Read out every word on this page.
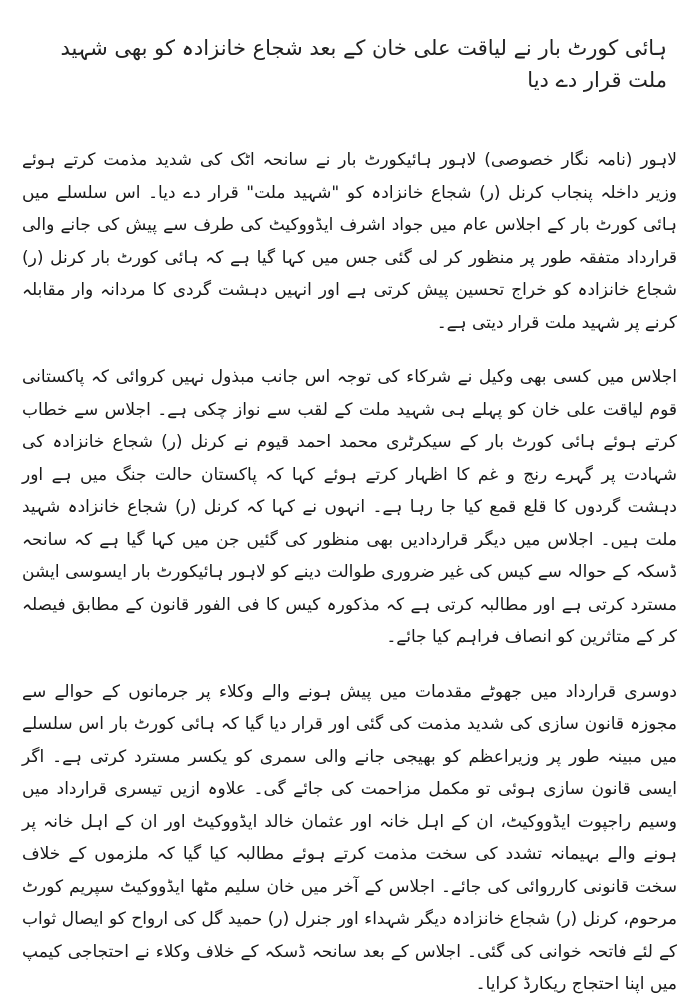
ہائی کورٹ بار نے لیاقت علی خان کے بعد شجاع خانزادہ کو بھی شہید ملت قرار دے دیا

لاہور (نامہ نگار خصوصی) لاہور ہائیکورٹ بار نے سانحہ اٹک کی شدید مذمت کرتے ہوئے وزیر داخلہ پنجاب کرنل (ر) شجاع خانزادہ کو "شہید ملت" قرار دے دیا۔ اس سلسلے میں ہائی کورٹ بار کے اجلاس عام میں جواد اشرف ایڈووکیٹ کی طرف سے پیش کی جانے والی قرارداد متفقہ طور پر منظور کر لی گئی جس میں کہا گیا ہے کہ ہائی کورٹ بار کرنل (ر) شجاع خانزادہ کو خراج تحسین پیش کرتی ہے اور انہیں دہشت گردی کا مردانہ وار مقابلہ کرنے پر شہید ملت قرار دیتی ہے۔

اجلاس میں کسی بھی وکیل نے شرکاء کی توجہ اس جانب مبذول نہیں کروائی کہ پاکستانی قوم لیاقت علی خان کو پہلے ہی شہید ملت کے لقب سے نواز چکی ہے۔ اجلاس سے خطاب کرتے ہوئے ہائی کورٹ بار کے سیکرٹری محمد احمد قیوم نے کرنل (ر) شجاع خانزادہ کی شہادت پر گہرے رنج و غم کا اظہار کرتے ہوئے کہا کہ پاکستان حالت جنگ میں ہے اور دہشت گردوں کا قلع قمع کیا جا رہا ہے۔ انہوں نے کہا کہ کرنل (ر) شجاع خانزادہ شہید ملت ہیں۔ اجلاس میں دیگر قراردادیں بھی منظور کی گئیں جن میں کہا گیا ہے کہ سانحہ ڈسکہ کے حوالہ سے کیس کی غیر ضروری طوالت دینے کو لاہور ہائیکورٹ بار ایسوسی ایشن مسترد کرتی ہے اور مطالبہ کرتی ہے کہ مذکورہ کیس کا فی الفور قانون کے مطابق فیصلہ کر کے متاثرین کو انصاف فراہم کیا جائے۔

دوسری قرارداد میں جھوٹے مقدمات میں پیش ہونے والے وکلاء پر جرمانوں کے حوالے سے مجوزہ قانون سازی کی شدید مذمت کی گئی اور قرار دیا گیا کہ ہائی کورٹ بار اس سلسلے میں مبینہ طور پر وزیراعظم کو بھیجی جانے والی سمری کو یکسر مسترد کرتی ہے۔ اگر ایسی قانون سازی ہوئی تو مکمل مزاحمت کی جائے گی۔ علاوہ ازیں تیسری قرارداد میں وسیم راجپوت ایڈووکیٹ، ان کے اہل خانہ اور عثمان خالد ایڈووکیٹ اور ان کے اہل خانہ پر ہونے والے بہیمانہ تشدد کی سخت مذمت کرتے ہوئے مطالبہ کیا گیا کہ ملزموں کے خلاف سخت قانونی کارروائی کی جائے۔ اجلاس کے آخر میں خان سلیم مٹھا ایڈووکیٹ سپریم کورٹ مرحوم، کرنل (ر) شجاع خانزادہ دیگر شہداء اور جنرل (ر) حمید گل کی ارواح کو ایصال ثواب کے لئے فاتحہ خوانی کی گئی۔ اجلاس کے بعد سانحہ ڈسکہ کے خلاف وکلاء نے احتجاجی کیمپ میں اپنا احتجاج ریکارڈ کرایا۔
